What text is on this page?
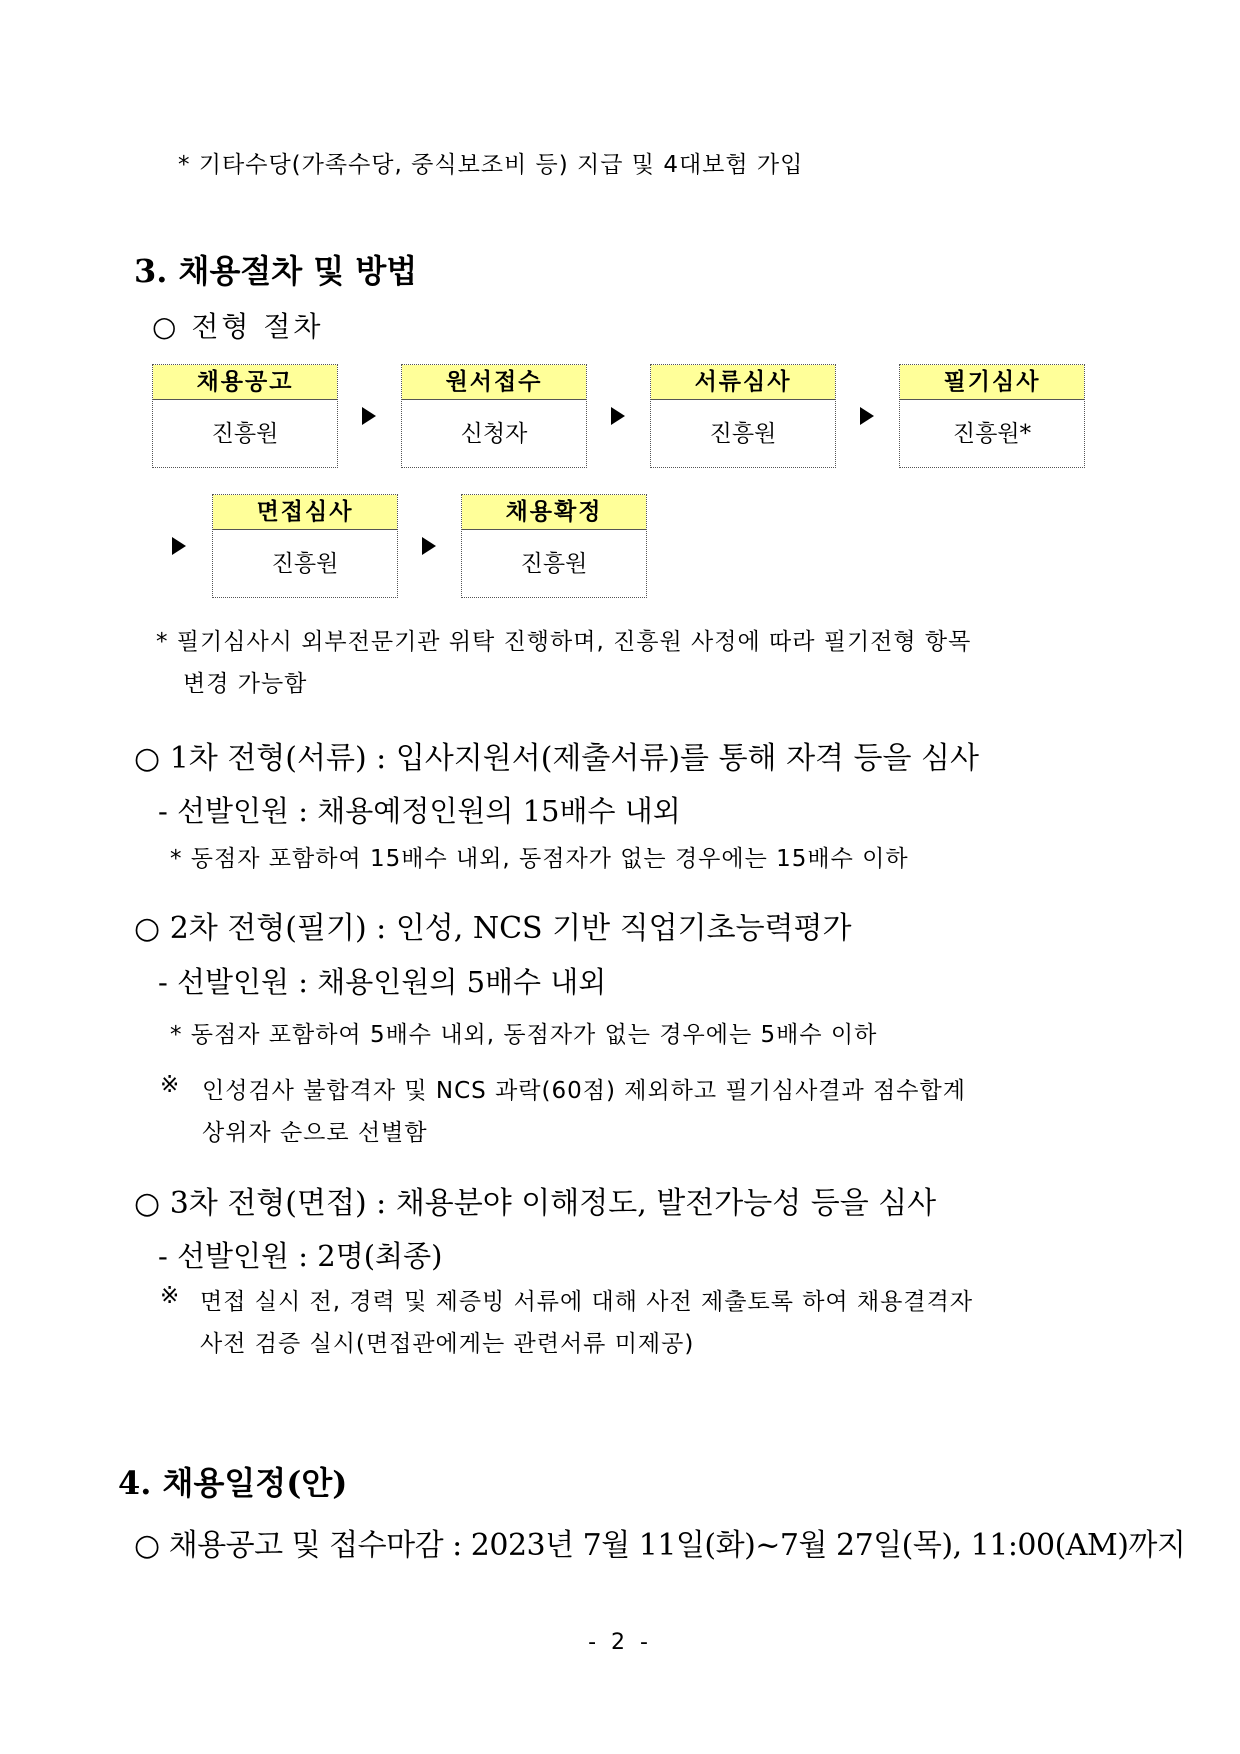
* 기타수당(가족수당, 중식보조비 등) 지급 및 4대보험 가입
3. 채용절차 및 방법
○ 전형 절차
채용공고
진흥원
원서접수
신청자
서류심사
진흥원
필기심사
진흥원*
면접심사
진흥원
채용확정
진흥원
* 필기심사시 외부전문기관 위탁 진행하며, 진흥원 사정에 따라 필기전형 항목
변경 가능함
○ 1차 전형(서류) : 입사지원서(제출서류)를 통해 자격 등을 심사
- 선발인원 : 채용예정인원의 15배수 내외
* 동점자 포함하여 15배수 내외, 동점자가 없는 경우에는 15배수 이하
○ 2차 전형(필기) : 인성, NCS 기반 직업기초능력평가
- 선발인원 : 채용인원의 5배수 내외
* 동점자 포함하여 5배수 내외, 동점자가 없는 경우에는 5배수 이하
※ 인성검사 불합격자 및 NCS 과락(60점) 제외하고 필기심사결과 점수합계
상위자 순으로 선별함
○ 3차 전형(면접) : 채용분야 이해정도, 발전가능성 등을 심사
- 선발인원 : 2명(최종)
※ 면접 실시 전, 경력 및 제증빙 서류에 대해 사전 제출토록 하여 채용결격자
사전 검증 실시(면접관에게는 관련서류 미제공)
4. 채용일정(안)
○ 채용공고 및 접수마감 : 2023년 7월 11일(화)~7월 27일(목), 11:00(AM)까지
- 2 -
